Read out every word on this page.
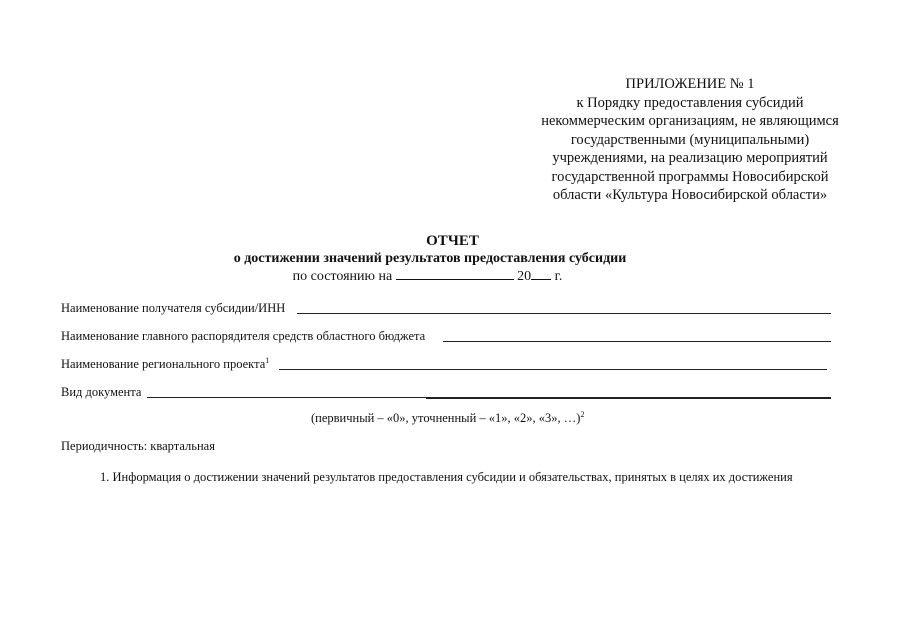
ПРИЛОЖЕНИЕ № 1
к Порядку предоставления субсидий
некоммерческим организациям, не являющимся
государственными (муниципальными)
учреждениями, на реализацию мероприятий
государственной программы Новосибирской
области «Культура Новосибирской области»
ОТЧЕТ
о достижении значений результатов предоставления субсидии
по состоянию на	20 г.
Наименование получателя субсидии/ИНН
Наименование главного распорядителя средств областного бюджета
Наименование регионального проекта$^1$
Вид документа
(первичный – «0», уточненный – «1», «2», «3», …)$^2$
Периодичность: квартальная
1. Информация о достижении значений результатов предоставления субсидии и обязательствах, принятых в целях их достижения
